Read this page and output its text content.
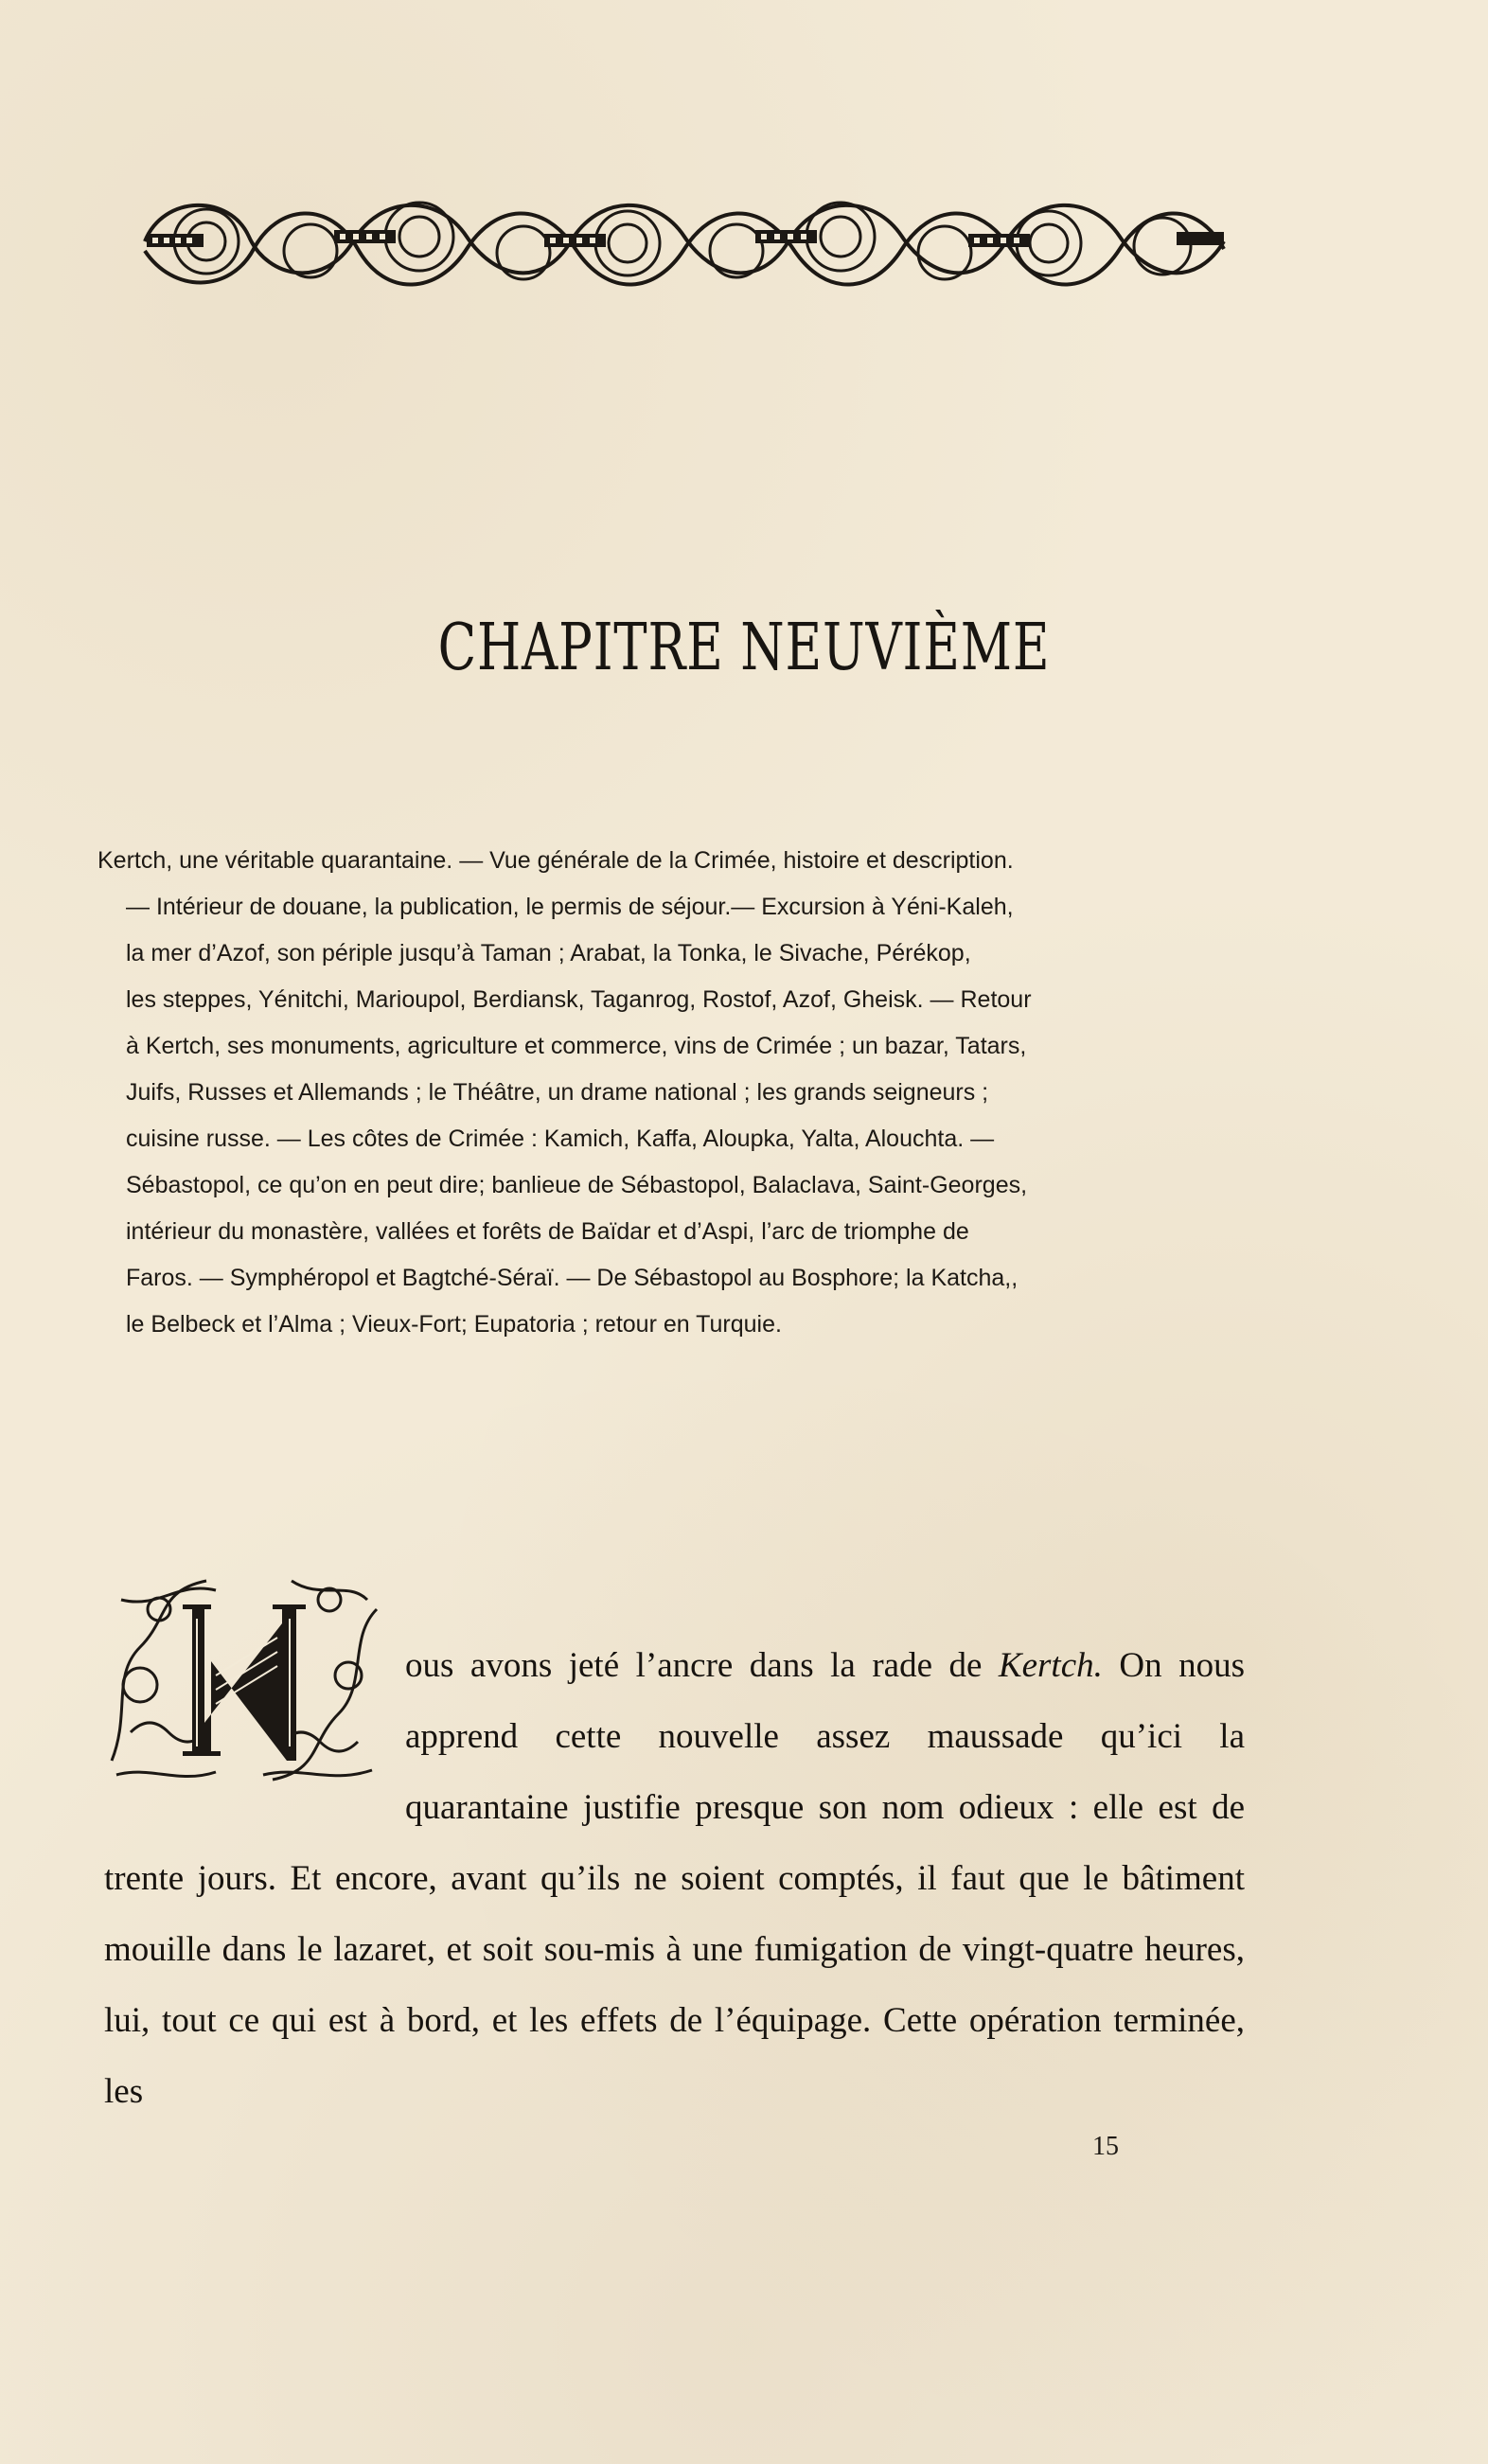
CHAPITRE NEUVIÈME

Kertch, une véritable quarantaine. — Vue générale de la Crimée, histoire et description.

— Intérieur de douane, la publication, le permis de séjour.— Excursion à Yéni-Kaleh,

la mer d’Azof, son périple jusqu’à Taman ; Arabat, la Tonka, le Sivache, Pérékop,

les steppes, Yénitchi, Marioupol, Berdiansk, Taganrog, Rostof, Azof, Gheisk. — Retour

à Kertch, ses monuments, agriculture et commerce, vins de Crimée ; un bazar, Tatars,

Juifs, Russes et Allemands ; le Théâtre, un drame national ; les grands seigneurs ;

cuisine russe. — Les côtes de Crimée : Kamich, Kaffa, Aloupka, Yalta, Alouchta. —

Sébastopol, ce qu’on en peut dire; banlieue de Sébastopol, Balaclava, Saint-Georges,

intérieur du monastère, vallées et forêts de Baïdar et d’Aspi, l’arc de triomphe de

Faros. — Symphéropol et Bagtché-Séraï. — De Sébastopol au Bosphore; la Katcha,,

le Belbeck et l’Alma ; Vieux-Fort; Eupatoria ; retour en Turquie.

ous avons jeté l’ancre dans la rade de Kertch. On nous apprend cette nouvelle assez maussade qu’ici la quarantaine justifie presque son nom odieux : elle est de trente jours. Et encore, avant qu’ils ne soient comptés, il faut que le bâtiment mouille dans le lazaret, et soit sou-mis à une fumigation de vingt-quatre heures, lui, tout ce qui est à bord, et les effets de l’équipage. Cette opération terminée, les

15
